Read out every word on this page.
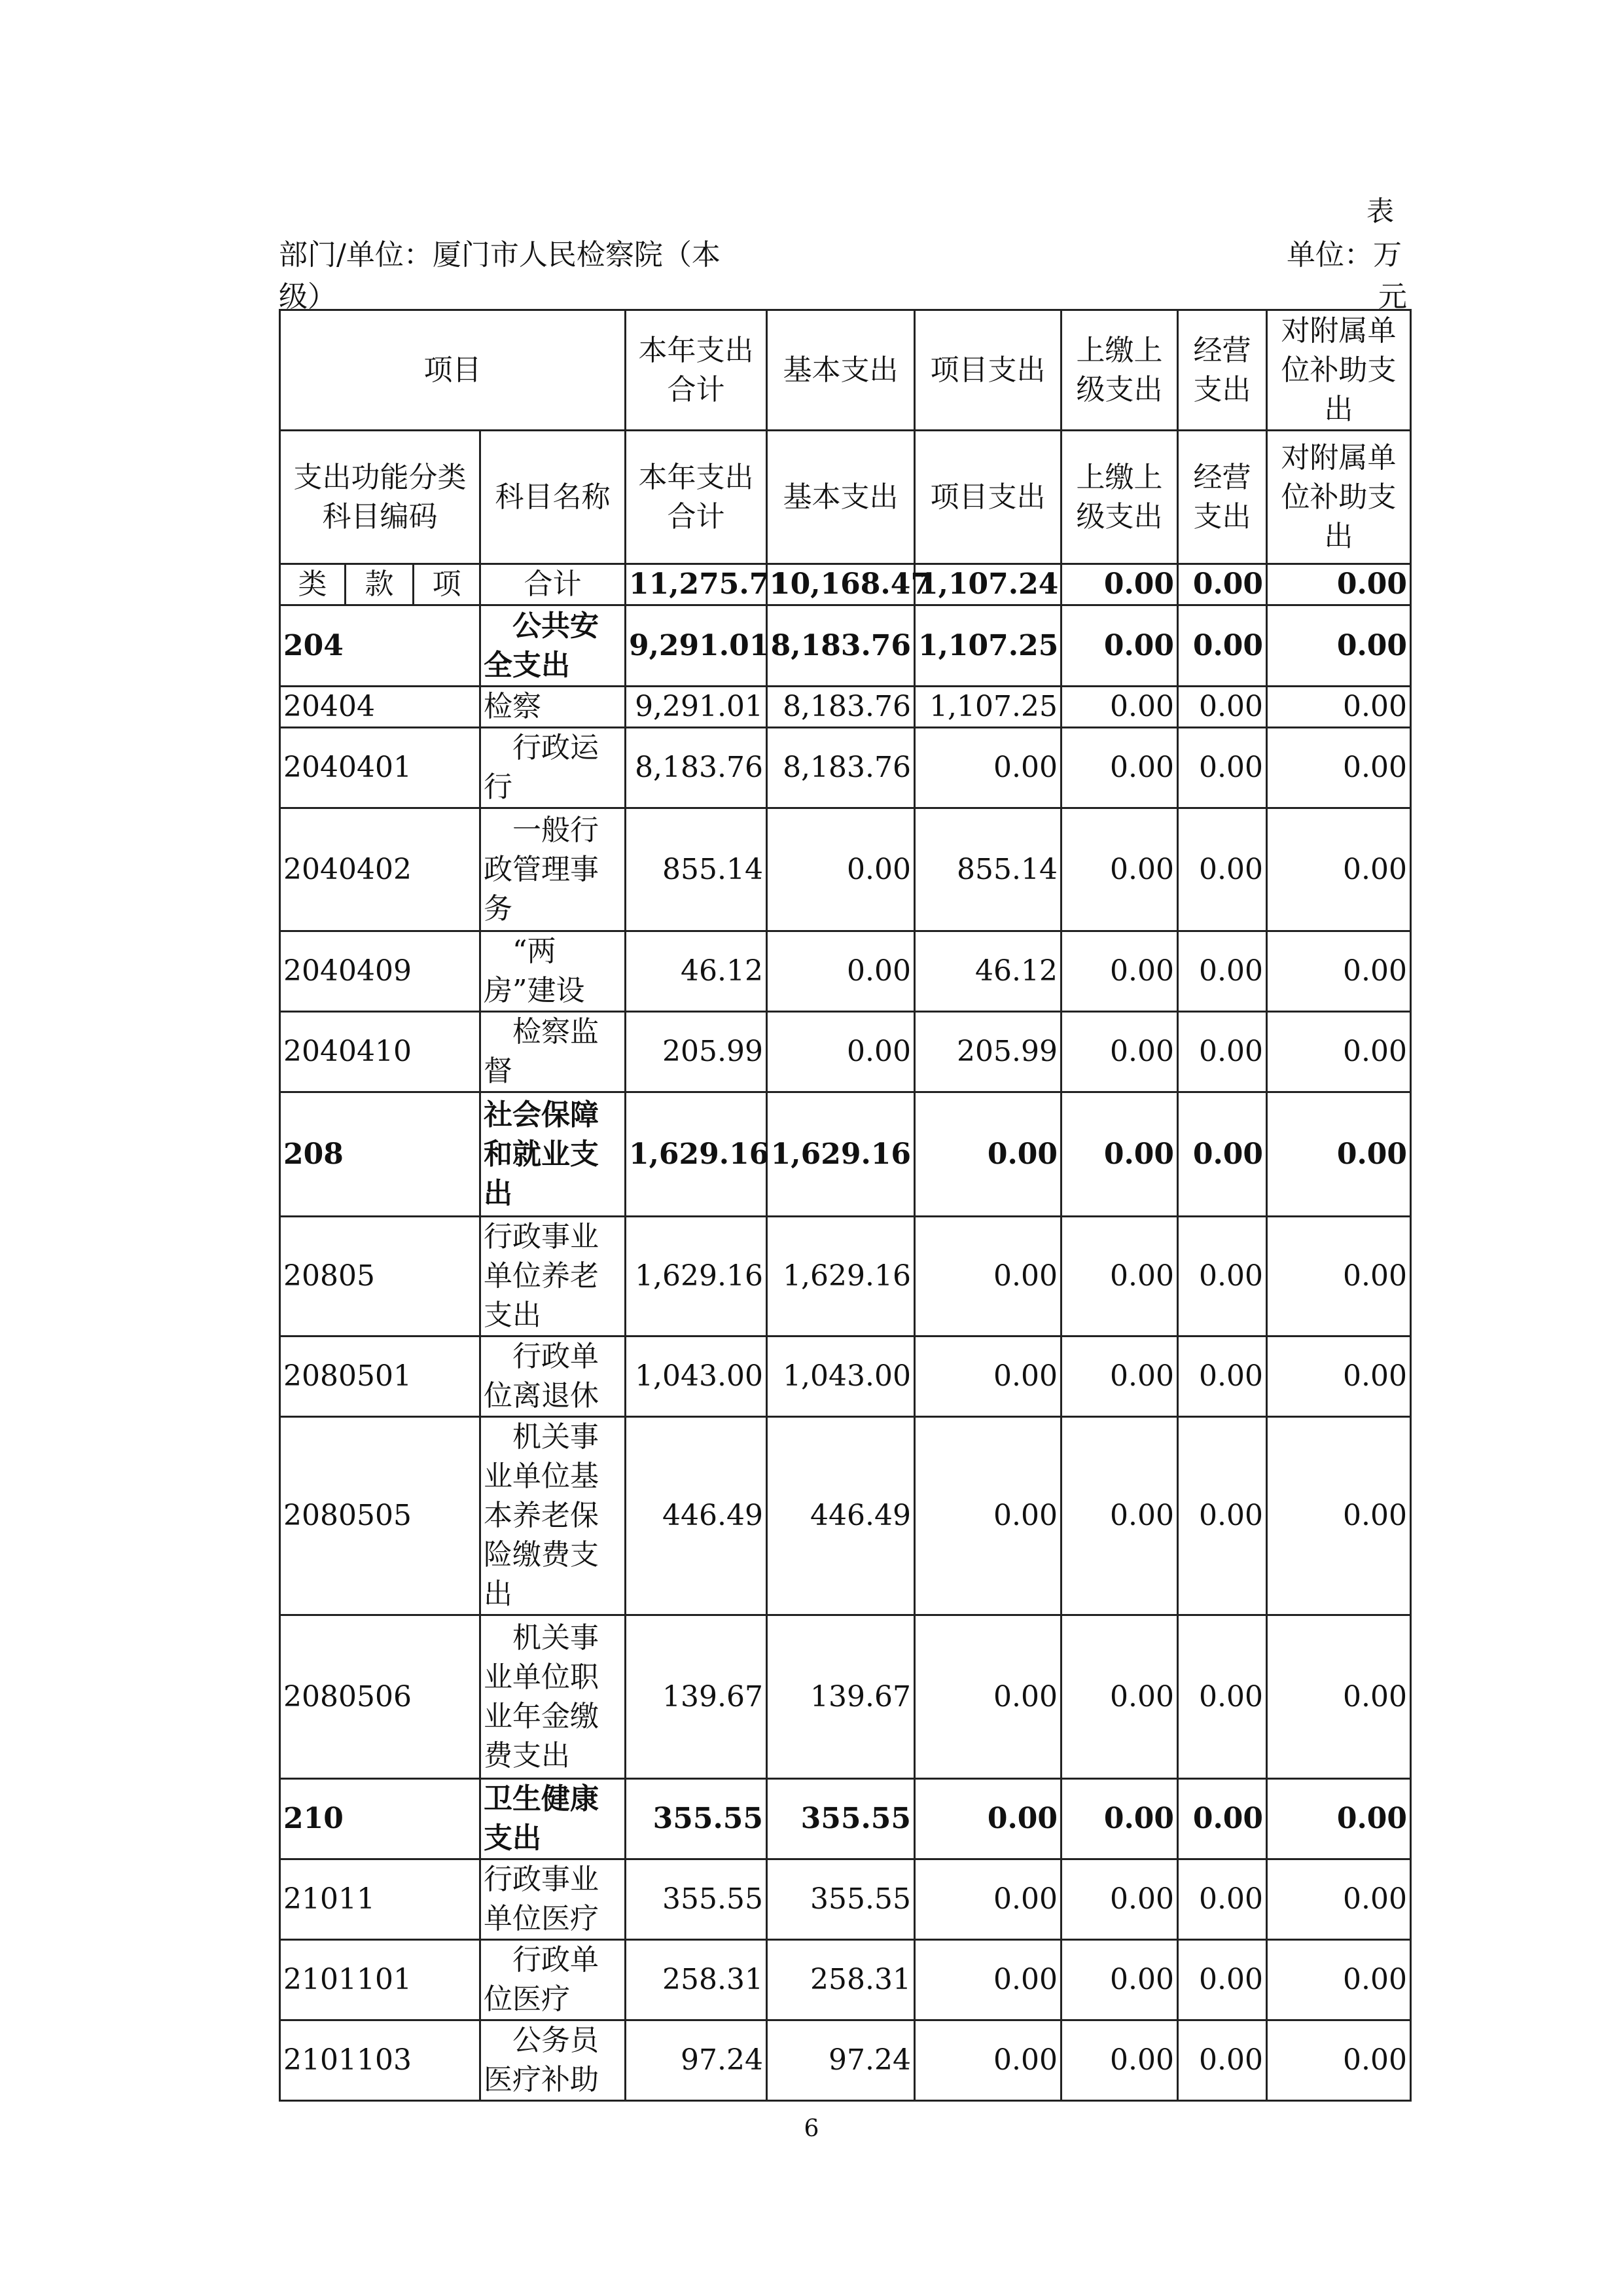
表
部门/单位：厦门市人民检察院（本级）
单位：万
元
项目				本年支出合计	基本支出	项目支出	上缴上级支出	经营支出	对附属单位补助支出
支出功能分类科目编码			科目名称	本年支出合计	基本支出	项目支出	上缴上级支出	经营支出	对附属单位补助支出
类	款	项	合计	11,275.71	10,168.47	1,107.24	0.00	0.00	0.00
204			公共安全支出	9,291.01	8,183.76	1,107.25	0.00	0.00	0.00
20404			检察	9,291.01	8,183.76	1,107.25	0.00	0.00	0.00
2040401			行政运行	8,183.76	8,183.76	0.00	0.00	0.00	0.00
2040402			一般行政管理事务	855.14	0.00	855.14	0.00	0.00	0.00
2040409			“两房”建设	46.12	0.00	46.12	0.00	0.00	0.00
2040410			检察监督	205.99	0.00	205.99	0.00	0.00	0.00
208			社会保障和就业支出	1,629.16	1,629.16	0.00	0.00	0.00	0.00
20805			行政事业单位养老支出	1,629.16	1,629.16	0.00	0.00	0.00	0.00
2080501			行政单位离退休	1,043.00	1,043.00	0.00	0.00	0.00	0.00
2080505			机关事业单位基本养老保险缴费支出	446.49	446.49	0.00	0.00	0.00	0.00
2080506			机关事业单位职业年金缴费支出	139.67	139.67	0.00	0.00	0.00	0.00
210			卫生健康支出	355.55	355.55	0.00	0.00	0.00	0.00
21011			行政事业单位医疗	355.55	355.55	0.00	0.00	0.00	0.00
2101101			行政单位医疗	258.31	258.31	0.00	0.00	0.00	0.00
2101103			公务员医疗补助	97.24	97.24	0.00	0.00	0.00	0.00
6
